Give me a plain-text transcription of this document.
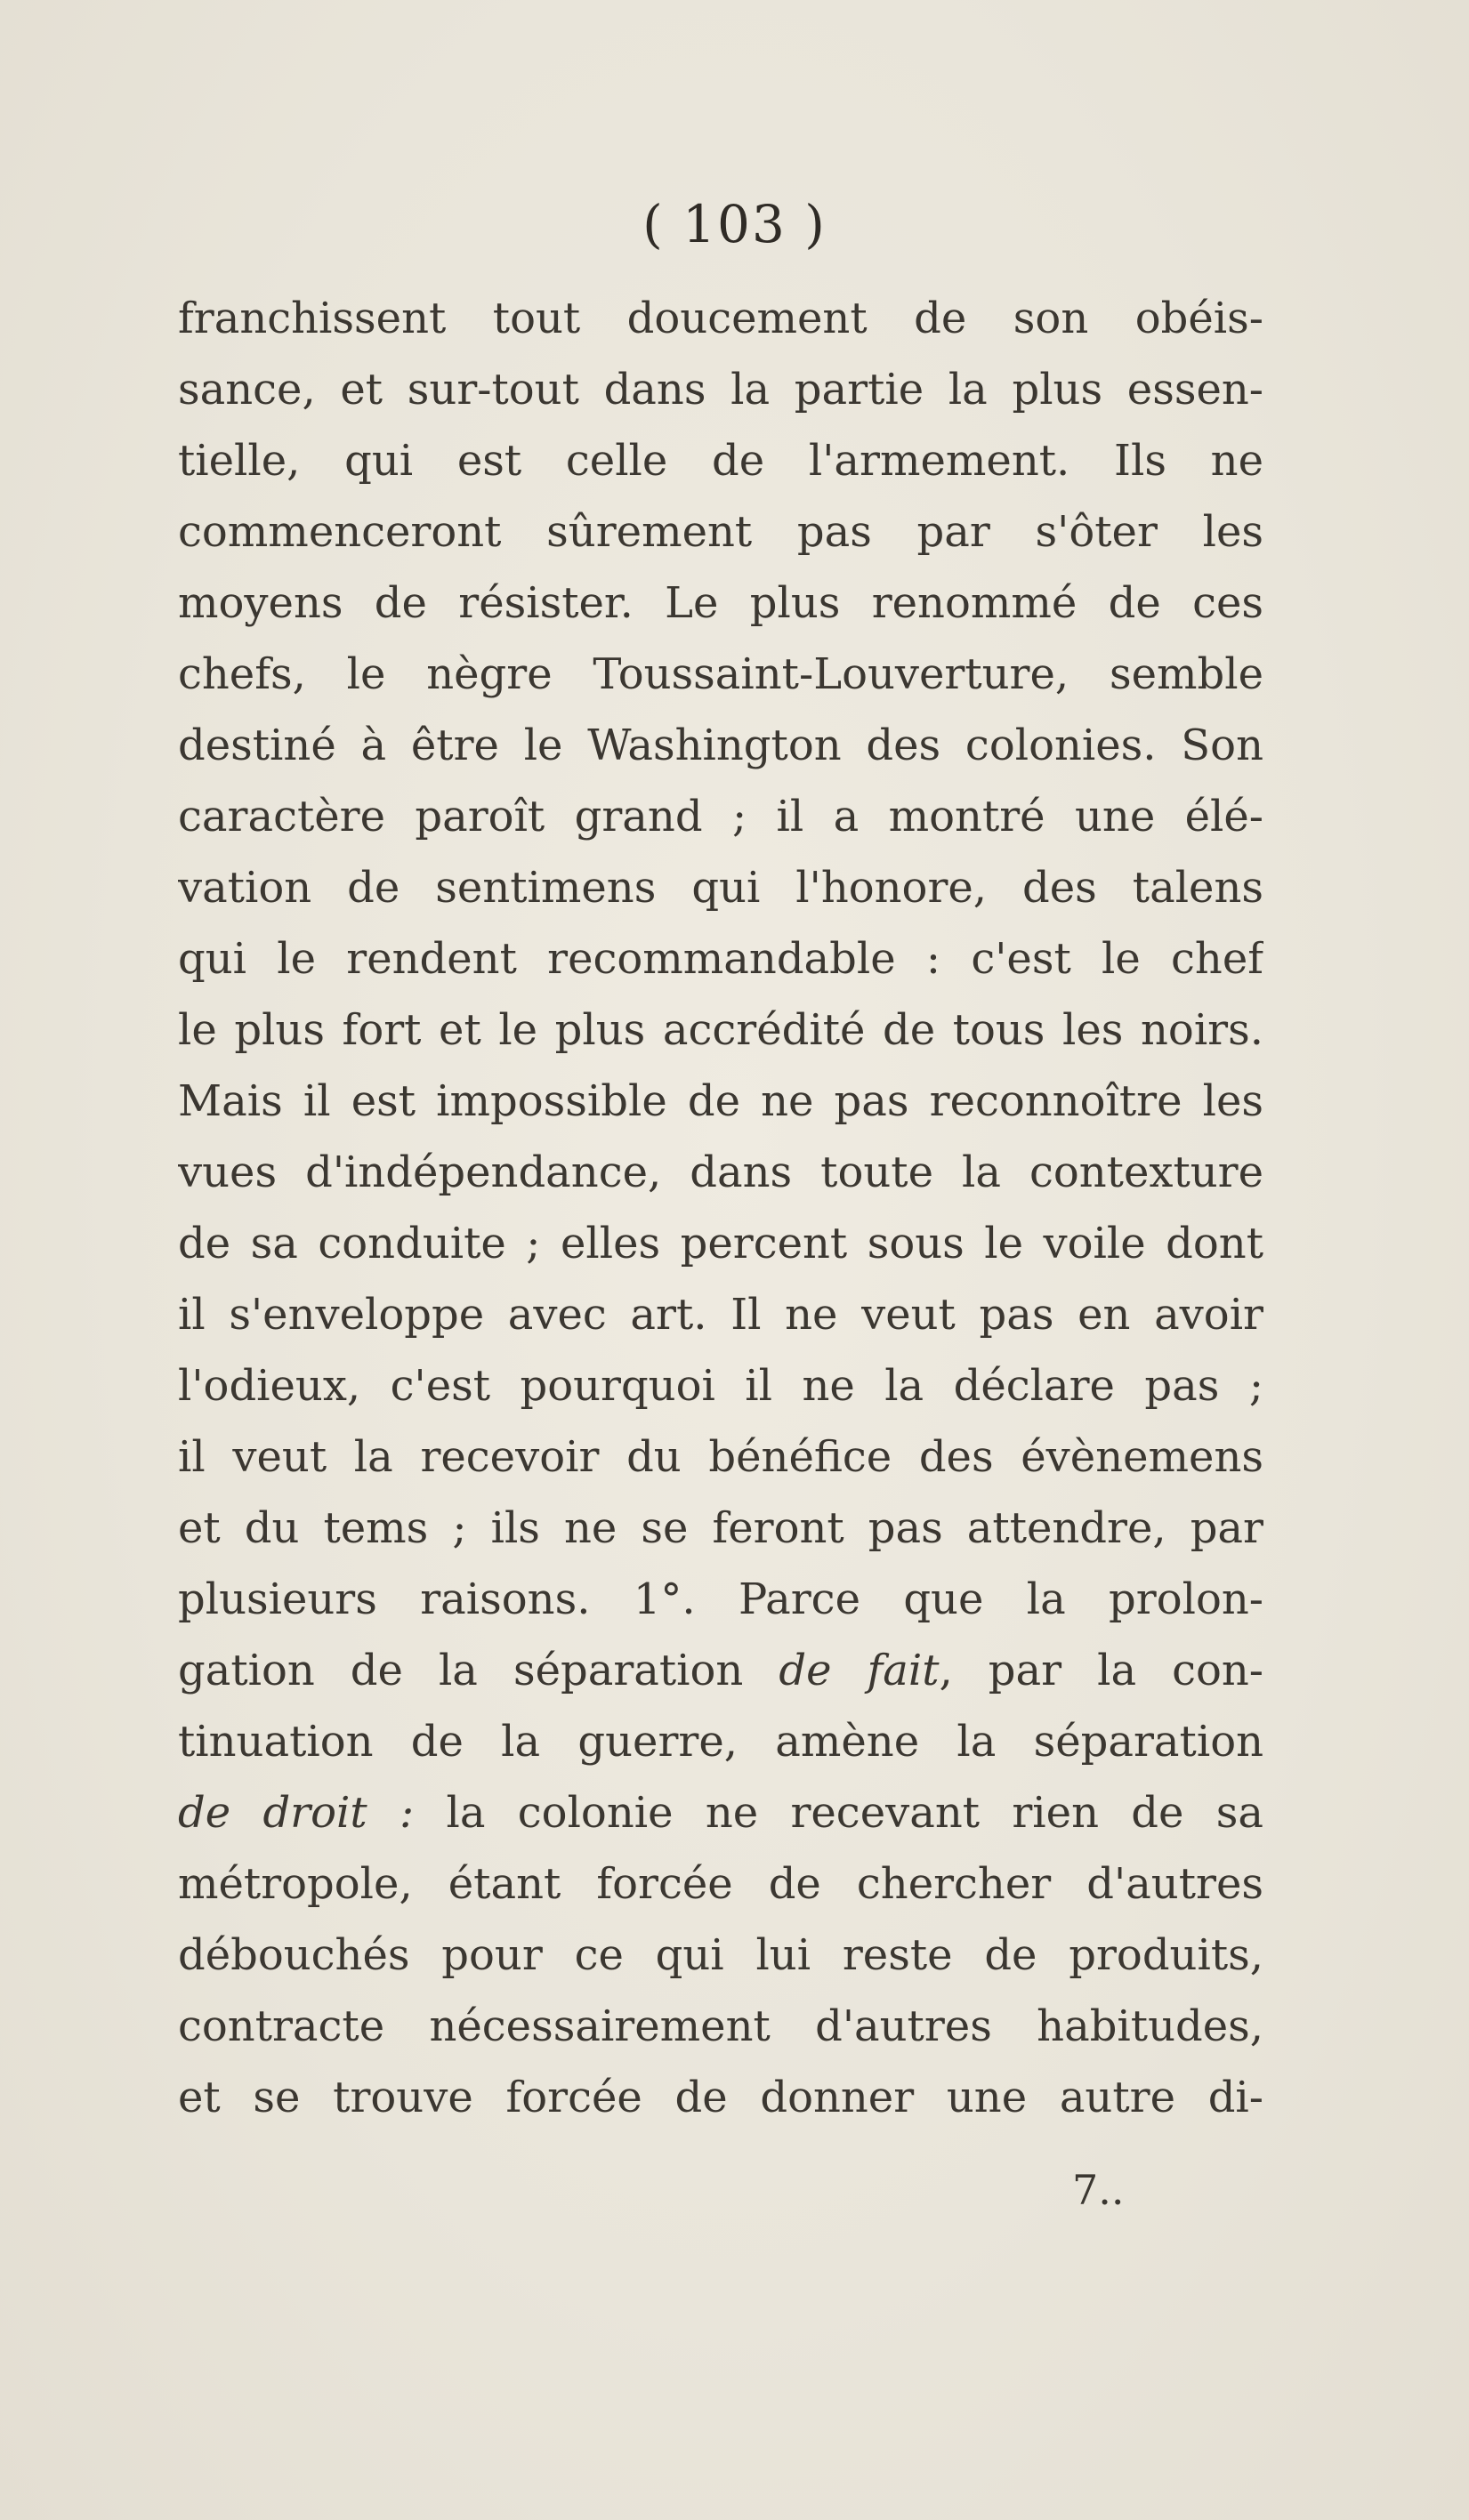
( 103 )

franchissent tout doucement de son obéis-
sance, et sur-tout dans la partie la plus essen-
tielle, qui est celle de l'armement. Ils ne
commenceront sûrement pas par s'ôter les
moyens de résister. Le plus renommé de ces
chefs, le nègre Toussaint-Louverture, semble
destiné à être le Washington des colonies. Son
caractère paroît grand ; il a montré une élé-
vation de sentimens qui l'honore, des talens
qui le rendent recommandable : c'est le chef
le plus fort et le plus accrédité de tous les noirs.
Mais il est impossible de ne pas reconnoître les
vues d'indépendance, dans toute la contexture
de sa conduite ; elles percent sous le voile dont
il s'enveloppe avec art. Il ne veut pas en avoir
l'odieux, c'est pourquoi il ne la déclare pas ;
il veut la recevoir du bénéfice des évènemens
et du tems ; ils ne se feront pas attendre, par
plusieurs raisons. 1°. Parce que la prolon-
gation de la séparation de fait, par la con-
tinuation de la guerre, amène la séparation
de droit : la colonie ne recevant rien de sa
métropole, étant forcée de chercher d'autres
débouchés pour ce qui lui reste de produits,
contracte nécessairement d'autres habitudes,
et se trouve forcée de donner une autre di-

7..
